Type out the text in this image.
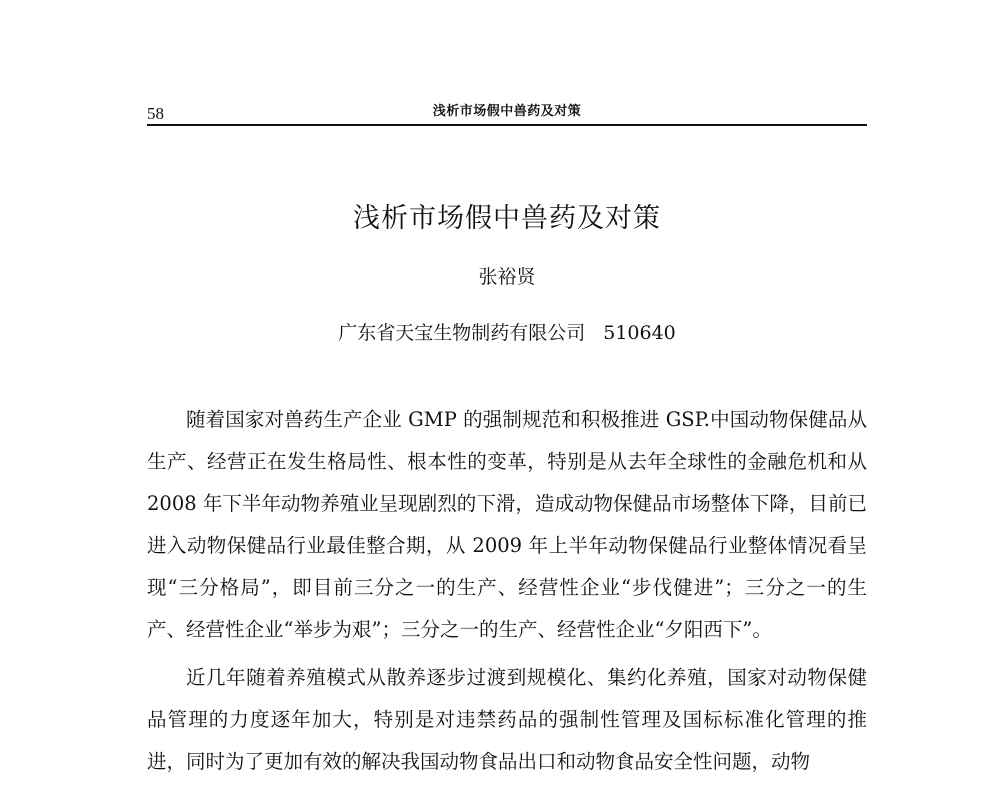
58	浅析市场假中兽药及对策
浅析市场假中兽药及对策
张裕贤
广东省天宝生物制药有限公司 510640

随着国家对兽药生产企业 GMP 的强制规范和积极推进 GSP.中国动物保健品从生产、经营正在发生格局性、根本性的变革，特别是从去年全球性的金融危机和从 2008 年下半年动物养殖业呈现剧烈的下滑，造成动物保健品市场整体下降，目前已进入动物保健品行业最佳整合期，从 2009 年上半年动物保健品行业整体情况看呈现“三分格局”，即目前三分之一的生产、经营性企业“步伐健进”；三分之一的生产、经营性企业“举步为艰”；三分之一的生产、经营性企业“夕阳西下”。

近几年随着养殖模式从散养逐步过渡到规模化、集约化养殖，国家对动物保健品管理的力度逐年加大，特别是对违禁药品的强制性管理及国标标准化管理的推进，同时为了更加有效的解决我国动物食品出口和动物食品安全性问题，动物
